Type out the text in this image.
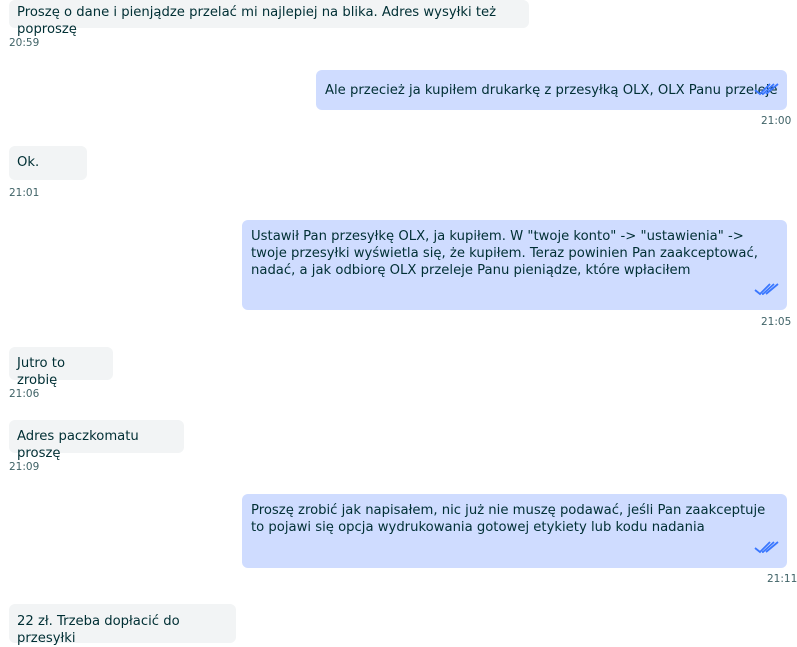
Proszę o dane i pienjądze przelać mi najlepiej na blika. Adres wysyłki też poproszę
20:59
Ale przecież ja kupiłem drukarkę z przesyłką OLX, OLX Panu przeleje
21:00
Ok.
21:01
Ustawił Pan przesyłkę OLX, ja kupiłem. W "twoje konto" -> "ustawienia" -> twoje przesyłki wyświetla się, że kupiłem. Teraz powinien Pan zaakceptować, nadać, a jak odbiorę OLX przeleje Panu pieniądze, które wpłaciłem
21:05
Jutro to zrobię
21:06
Adres paczkomatu proszę
21:09
Proszę zrobić jak napisałem, nic już nie muszę podawać, jeśli Pan zaakceptuje to pojawi się opcja wydrukowania gotowej etykiety lub kodu nadania
21:11
22 zł. Trzeba dopłacić do przesyłki
